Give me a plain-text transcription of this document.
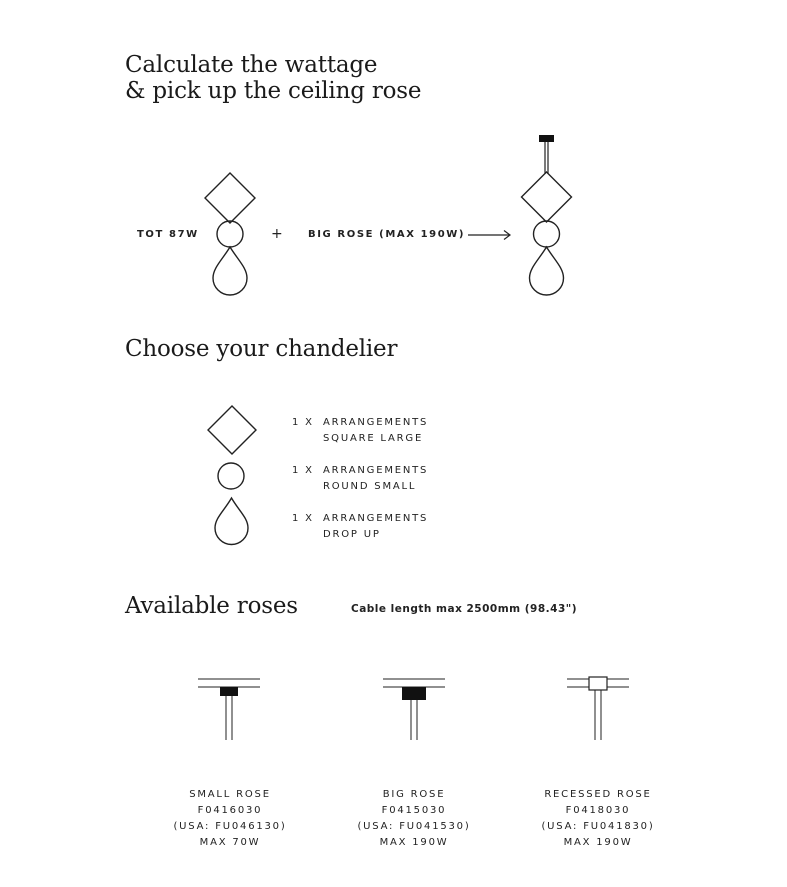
Calculate the wattage
& pick up the ceiling rose
TOT 87W	+ BIG ROSE (MAX 190W)
Choose your chandelier
1 X ARRANGEMENTS
SQUARE LARGE
1 X ARRANGEMENTS
ROUND SMALL
1 X ARRANGEMENTS
DROP UP
Available roses	Cable length max 2500mm (98.43")
SMALL ROSE
F0416030
(USA: FU046130)
MAX 70W
BIG ROSE
F0415030
(USA: FU041530)
MAX 190W
RECESSED ROSE
F0418030
(USA: FU041830)
MAX 190W
